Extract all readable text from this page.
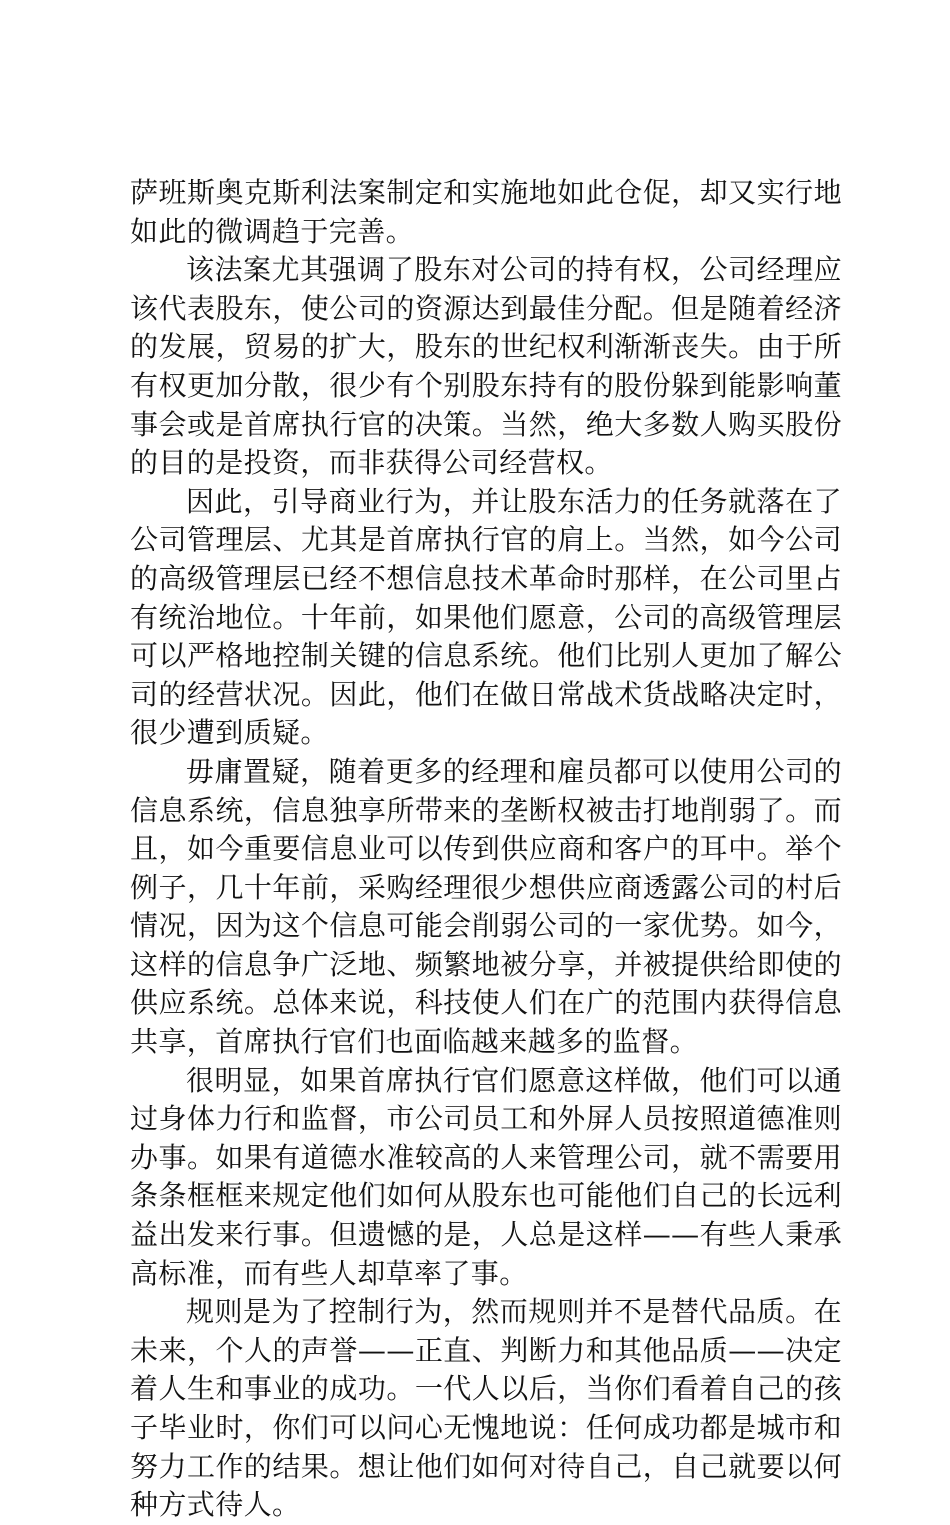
萨班斯奥克斯利法案制定和实施地如此仓促，却又实行地如此的微调趋于完善。

该法案尤其强调了股东对公司的持有权，公司经理应该代表股东，使公司的资源达到最佳分配。但是随着经济的发展，贸易的扩大，股东的世纪权利渐渐丧失。由于所有权更加分散，很少有个别股东持有的股份躲到能影响董事会或是首席执行官的决策。当然，绝大多数人购买股份的目的是投资，而非获得公司经营权。

因此，引导商业行为，并让股东活力的任务就落在了公司管理层、尤其是首席执行官的肩上。当然，如今公司的高级管理层已经不想信息技术革命时那样，在公司里占有统治地位。十年前，如果他们愿意，公司的高级管理层可以严格地控制关键的信息系统。他们比别人更加了解公司的经营状况。因此，他们在做日常战术货战略决定时，很少遭到质疑。

毋庸置疑，随着更多的经理和雇员都可以使用公司的信息系统，信息独享所带来的垄断权被击打地削弱了。而且，如今重要信息业可以传到供应商和客户的耳中。举个例子，几十年前，采购经理很少想供应商透露公司的村后情况，因为这个信息可能会削弱公司的一家优势。如今，这样的信息争广泛地、频繁地被分享，并被提供给即使的供应系统。总体来说，科技使人们在广的范围内获得信息共享，首席执行官们也面临越来越多的监督。

很明显，如果首席执行官们愿意这样做，他们可以通过身体力行和监督，市公司员工和外屏人员按照道德准则办事。如果有道德水准较高的人来管理公司，就不需要用条条框框来规定他们如何从股东也可能他们自己的长远利益出发来行事。但遗憾的是，人总是这样——有些人秉承高标准，而有些人却草率了事。

规则是为了控制行为，然而规则并不是替代品质。在未来，个人的声誉——正直、判断力和其他品质——决定着人生和事业的成功。一代人以后，当你们看着自己的孩子毕业时，你们可以问心无愧地说：任何成功都是城市和努力工作的结果。想让他们如何对待自己，自己就要以何种方式待人。
